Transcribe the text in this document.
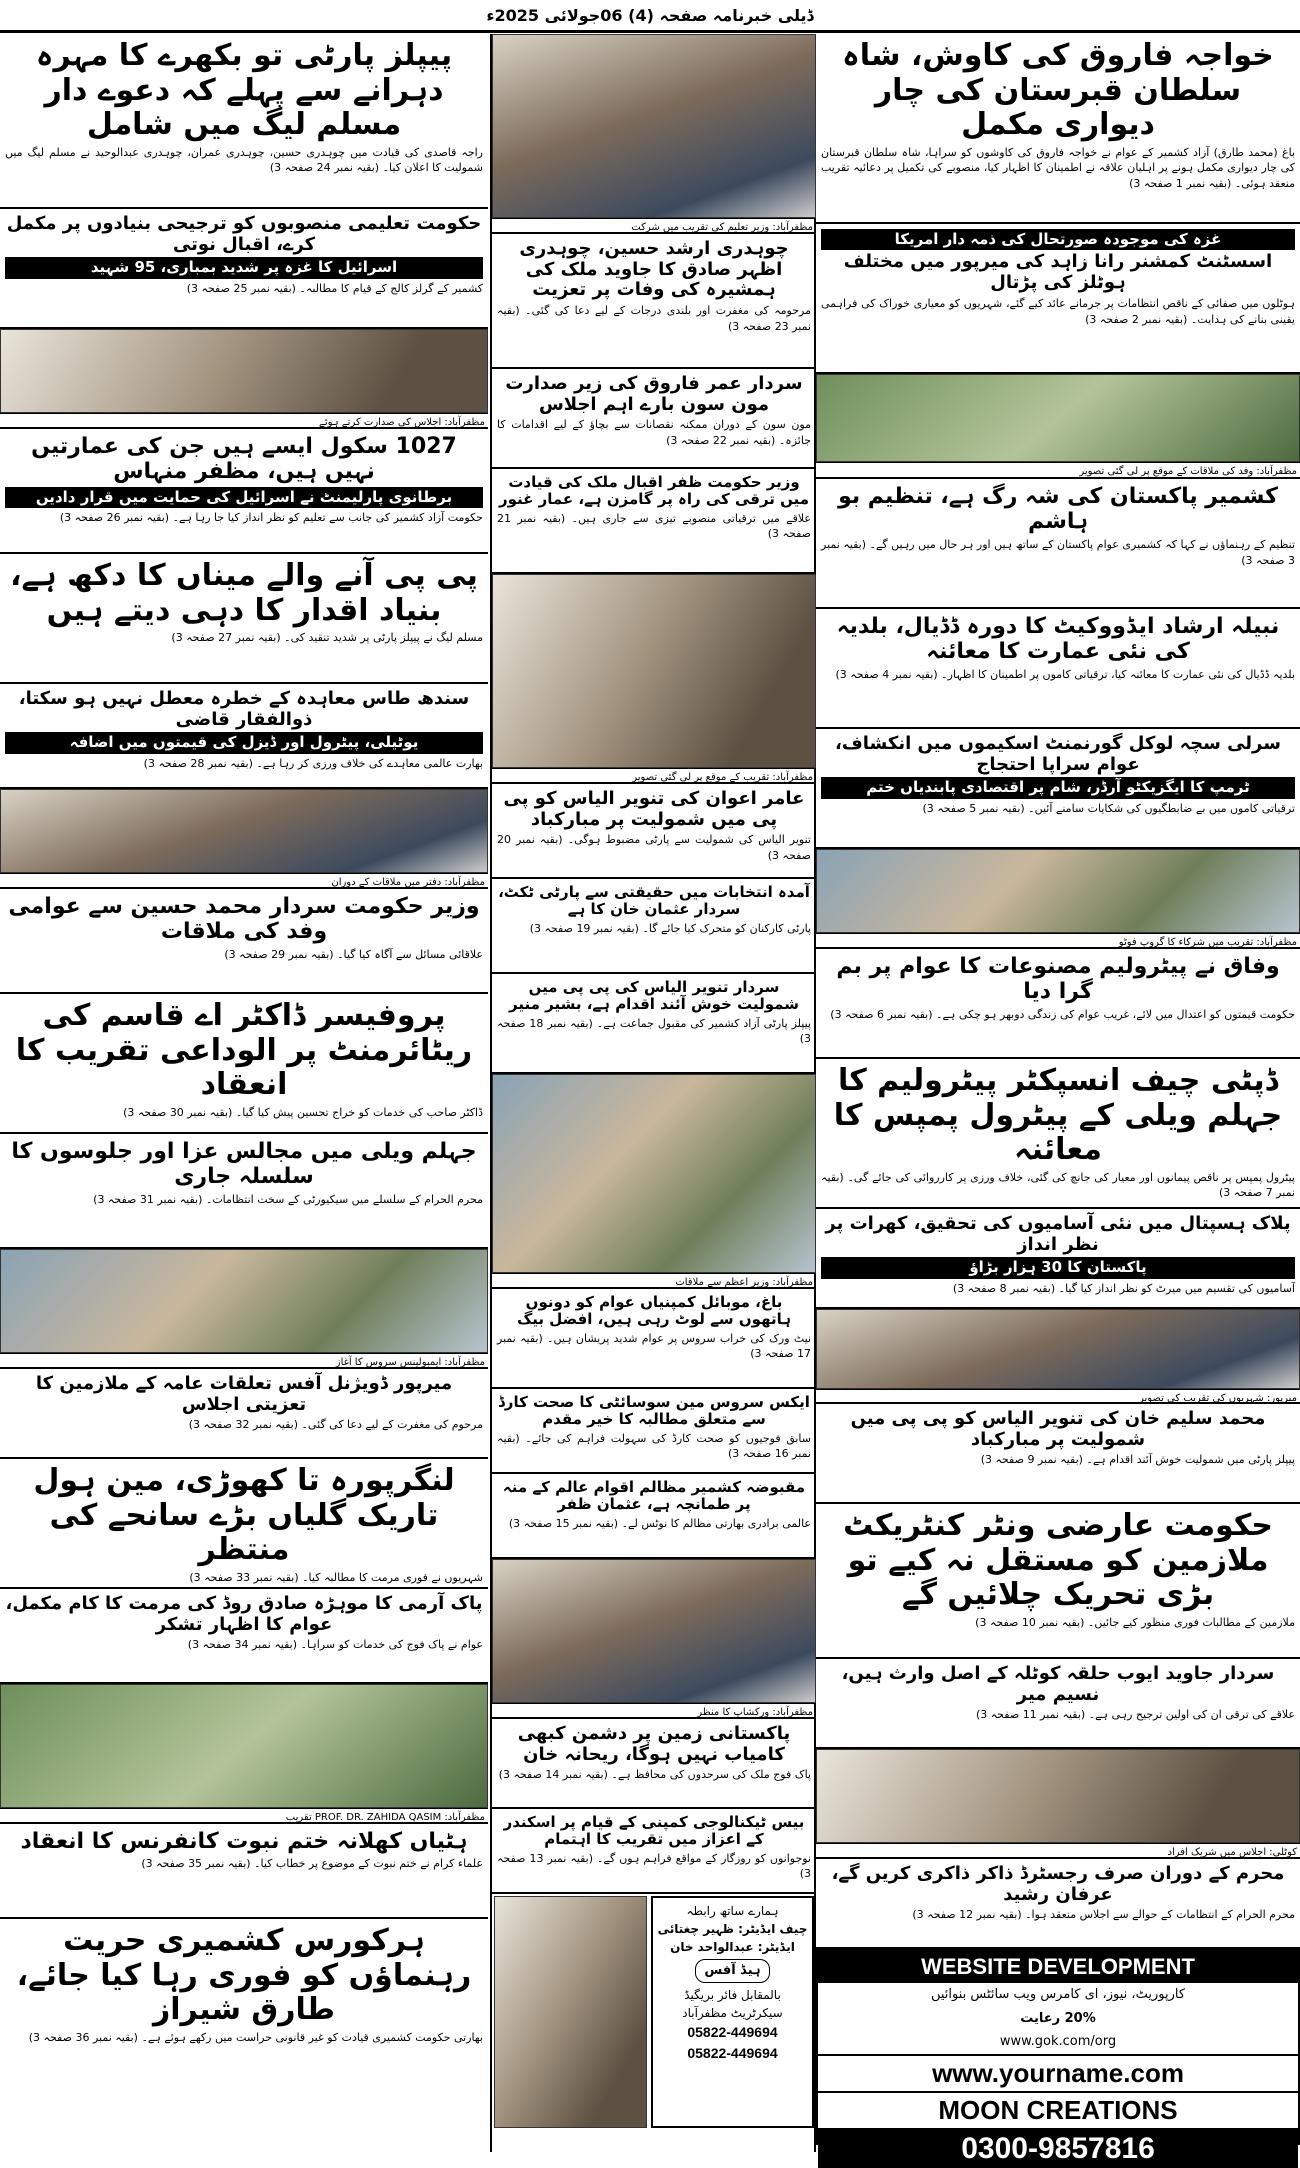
ڈیلی خبرنامہ صفحہ (4) 06جولائی 2025ء
خواجہ فاروق کی کاوش، شاہ سلطان قبرستان کی چار دیواری مکمل
باغ (محمد طارق) آزاد کشمیر کے عوام نے خواجہ فاروق کی کاوشوں کو سراہا، شاہ سلطان قبرستان کی چار دیواری مکمل ہونے پر اہلیان علاقہ نے اطمینان کا اظہار کیا، منصوبے کی تکمیل پر دعائیہ تقریب منعقد ہوئی۔ (بقیہ نمبر 1 صفحہ 3)
غزہ کی موجودہ صورتحال کی ذمہ دار امریکا
اسسٹنٹ کمشنر رانا زاہد کی میرپور میں مختلف ہوٹلز کی پڑتال
ہوٹلوں میں صفائی کے ناقص انتظامات پر جرمانے عائد کیے گئے، شہریوں کو معیاری خوراک کی فراہمی یقینی بنانے کی ہدایت۔ (بقیہ نمبر 2 صفحہ 3)
مظفرآباد: وفد کی ملاقات کے موقع پر لی گئی تصویر
کشمیر پاکستان کی شہ رگ ہے، تنظیم بو ہاشم
تنظیم کے رہنماؤں نے کہا کہ کشمیری عوام پاکستان کے ساتھ ہیں اور ہر حال میں رہیں گے۔ (بقیہ نمبر 3 صفحہ 3)
نبیلہ ارشاد ایڈووکیٹ کا دورہ ڈڈیال، بلدیہ کی نئی عمارت کا معائنہ
بلدیہ ڈڈیال کی نئی عمارت کا معائنہ کیا، ترقیاتی کاموں پر اطمینان کا اظہار۔ (بقیہ نمبر 4 صفحہ 3)
سرلی سچہ لوکل گورنمنٹ اسکیموں میں انکشاف، عوام سراپا احتجاج
ٹرمپ کا ایگزیکٹو آرڈر، شام پر اقتصادی پابندیاں ختم
ترقیاتی کاموں میں بے ضابطگیوں کی شکایات سامنے آئیں۔ (بقیہ نمبر 5 صفحہ 3)
مظفرآباد: تقریب میں شرکاء کا گروپ فوٹو
وفاق نے پیٹرولیم مصنوعات کا عوام پر بم گرا دیا
حکومت قیمتوں کو اعتدال میں لائے، غریب عوام کی زندگی دوبھر ہو چکی ہے۔ (بقیہ نمبر 6 صفحہ 3)
ڈپٹی چیف انسپکٹر پیٹرولیم کا جہلم ویلی کے پیٹرول پمپس کا معائنہ
پیٹرول پمپس پر ناقص پیمانوں اور معیار کی جانچ کی گئی، خلاف ورزی پر کارروائی کی جائے گی۔ (بقیہ نمبر 7 صفحہ 3)
پلاک ہسپتال میں نئی آسامیوں کی تحقیق، کھرات پر نظر انداز
پاکستان کا 30 ہزار بڑاؤ
آسامیوں کی تقسیم میں میرٹ کو نظر انداز کیا گیا۔ (بقیہ نمبر 8 صفحہ 3)
میرپور: شہریوں کی تقریب کی تصویر
محمد سلیم خان کی تنویر الیاس کو پی پی میں شمولیت پر مبارکباد
پیپلز پارٹی میں شمولیت خوش آئند اقدام ہے۔ (بقیہ نمبر 9 صفحہ 3)
حکومت عارضی ونٹر کنٹریکٹ ملازمین کو مستقل نہ کیے تو بڑی تحریک چلائیں گے
ملازمین کے مطالبات فوری منظور کیے جائیں۔ (بقیہ نمبر 10 صفحہ 3)
سردار جاوید ایوب حلقہ کوٹلہ کے اصل وارث ہیں، نسیم میر
علاقے کی ترقی ان کی اولین ترجیح رہی ہے۔ (بقیہ نمبر 11 صفحہ 3)
کوٹلی: اجلاس میں شریک افراد
محرم کے دوران صرف رجسٹرڈ ذاکر ذاکری کریں گے، عرفان رشید
محرم الحرام کے انتظامات کے حوالے سے اجلاس منعقد ہوا۔ (بقیہ نمبر 12 صفحہ 3)
WEBSITE DEVELOPMENT
کارپوریٹ، نیوز، ای کامرس ویب سائٹس بنوائیں
20% رعایت
www.gok.com/org
www.yourname.com
MOON CREATIONS
0300-9857816
مظفرآباد: وزیر تعلیم کی تقریب میں شرکت
چوہدری ارشد حسین، چوہدری اظہر صادق کا جاوید ملک کی ہمشیرہ کی وفات پر تعزیت
مرحومہ کی مغفرت اور بلندی درجات کے لیے دعا کی گئی۔ (بقیہ نمبر 23 صفحہ 3)
سردار عمر فاروق کی زیر صدارت مون سون بارے اہم اجلاس
مون سون کے دوران ممکنہ نقصانات سے بچاؤ کے لیے اقدامات کا جائزہ۔ (بقیہ نمبر 22 صفحہ 3)
وزیر حکومت ظفر اقبال ملک کی قیادت میں ترقی کی راہ پر گامزن ہے، عمار غنور
علاقے میں ترقیاتی منصوبے تیزی سے جاری ہیں۔ (بقیہ نمبر 21 صفحہ 3)
مظفرآباد: تقریب کے موقع پر لی گئی تصویر
عامر اعوان کی تنویر الیاس کو پی پی میں شمولیت پر مبارکباد
تنویر الیاس کی شمولیت سے پارٹی مضبوط ہوگی۔ (بقیہ نمبر 20 صفحہ 3)
آمدہ انتخابات میں حقیقتی سے پارٹی ٹکٹ، سردار عثمان خان کا ہے
پارٹی کارکنان کو متحرک کیا جائے گا۔ (بقیہ نمبر 19 صفحہ 3)
سردار تنویر الیاس کی پی پی میں شمولیت خوش آئند اقدام ہے، بشیر منیر
پیپلز پارٹی آزاد کشمیر کی مقبول جماعت ہے۔ (بقیہ نمبر 18 صفحہ 3)
مظفرآباد: وزیر اعظم سے ملاقات
باغ، موبائل کمپنیاں عوام کو دونوں ہاتھوں سے لوٹ رہی ہیں، افضل بیگ
نیٹ ورک کی خراب سروس پر عوام شدید پریشان ہیں۔ (بقیہ نمبر 17 صفحہ 3)
ایکس سروس مین سوسائٹی کا صحت کارڈ سے متعلق مطالبہ کا خیر مقدم
سابق فوجیوں کو صحت کارڈ کی سہولت فراہم کی جائے۔ (بقیہ نمبر 16 صفحہ 3)
مقبوضہ کشمیر مظالم اقوام عالم کے منہ پر طمانچہ ہے، عثمان ظفر
عالمی برادری بھارتی مظالم کا نوٹس لے۔ (بقیہ نمبر 15 صفحہ 3)
مظفرآباد: ورکشاپ کا منظر
پاکستانی زمین پر دشمن کبھی کامیاب نہیں ہوگا، ریحانہ خان
پاک فوج ملک کی سرحدوں کی محافظ ہے۔ (بقیہ نمبر 14 صفحہ 3)
بیس ٹیکنالوجی کمپنی کے قیام پر اسکندر کے اعزاز میں تقریب کا اہتمام
نوجوانوں کو روزگار کے مواقع فراہم ہوں گے۔ (بقیہ نمبر 13 صفحہ 3)
ہمارے ساتھ رابطہ
چیف ایڈیٹر: ظہیر چغتائی
ایڈیٹر: عبدالواحد خان
ہیڈ آفس
بالمقابل فائر بریگیڈ سیکرٹریٹ مظفرآباد
05822-449694
05822-449694
پیپلز پارٹی تو بکھرے کا مہرہ دہرانے سے پہلے کہ دعوے دار مسلم لیگ میں شامل
راجہ قاصدی کی قیادت میں چوہدری حسین، چوہدری عمران، چوہدری عبدالوحید نے مسلم لیگ میں شمولیت کا اعلان کیا۔ (بقیہ نمبر 24 صفحہ 3)
حکومت تعلیمی منصوبوں کو ترجیحی بنیادوں پر مکمل کرے، اقبال نوتی
اسرائیل کا غزہ پر شدید بمباری، 95 شہید
کشمیر کے گرلز کالج کے قیام کا مطالبہ۔ (بقیہ نمبر 25 صفحہ 3)
مظفرآباد: اجلاس کی صدارت کرتے ہوئے
1027 سکول ایسے ہیں جن کی عمارتیں نہیں ہیں، مظفر منہاس
برطانوی پارلیمنٹ نے اسرائیل کی حمایت میں قرار دادیں
حکومت آزاد کشمیر کی جانب سے تعلیم کو نظر انداز کیا جا رہا ہے۔ (بقیہ نمبر 26 صفحہ 3)
پی پی آنے والے میناں کا دکھ ہے، بنیاد اقدار کا دہی دیتے ہیں
مسلم لیگ نے پیپلز پارٹی پر شدید تنقید کی۔ (بقیہ نمبر 27 صفحہ 3)
سندھ طاس معاہدہ کے خطرہ معطل نہیں ہو سکتا، ذوالفقار قاضی
یوٹیلی، پیٹرول اور ڈیزل کی قیمتوں میں اضافہ
بھارت عالمی معاہدے کی خلاف ورزی کر رہا ہے۔ (بقیہ نمبر 28 صفحہ 3)
مظفرآباد: دفتر میں ملاقات کے دوران
وزیر حکومت سردار محمد حسین سے عوامی وفد کی ملاقات
علاقائی مسائل سے آگاہ کیا گیا۔ (بقیہ نمبر 29 صفحہ 3)
پروفیسر ڈاکٹر اے قاسم کی ریٹائرمنٹ پر الوداعی تقریب کا انعقاد
ڈاکٹر صاحب کی خدمات کو خراج تحسین پیش کیا گیا۔ (بقیہ نمبر 30 صفحہ 3)
جہلم ویلی میں مجالس عزا اور جلوسوں کا سلسلہ جاری
محرم الحرام کے سلسلے میں سیکیورٹی کے سخت انتظامات۔ (بقیہ نمبر 31 صفحہ 3)
مظفرآباد: ایمبولینس سروس کا آغاز
میرپور ڈویژنل آفس تعلقات عامہ کے ملازمین کا تعزیتی اجلاس
مرحوم کی مغفرت کے لیے دعا کی گئی۔ (بقیہ نمبر 32 صفحہ 3)
لنگرپورہ تا کھوڑی، مین ہول تاریک گلیاں بڑے سانحے کی منتظر
شہریوں نے فوری مرمت کا مطالبہ کیا۔ (بقیہ نمبر 33 صفحہ 3)
پاک آرمی کا موہڑہ صادق روڈ کی مرمت کا کام مکمل، عوام کا اظہار تشکر
عوام نے پاک فوج کی خدمات کو سراہا۔ (بقیہ نمبر 34 صفحہ 3)
مظفرآباد: PROF. DR. ZAHIDA QASIM تقریب
ہٹیاں کھلانہ ختم نبوت کانفرنس کا انعقاد
علماء کرام نے ختم نبوت کے موضوع پر خطاب کیا۔ (بقیہ نمبر 35 صفحہ 3)
ہرکورس کشمیری حریت رہنماؤں کو فوری رہا کیا جائے، طارق شیراز
بھارتی حکومت کشمیری قیادت کو غیر قانونی حراست میں رکھے ہوئے ہے۔ (بقیہ نمبر 36 صفحہ 3)
